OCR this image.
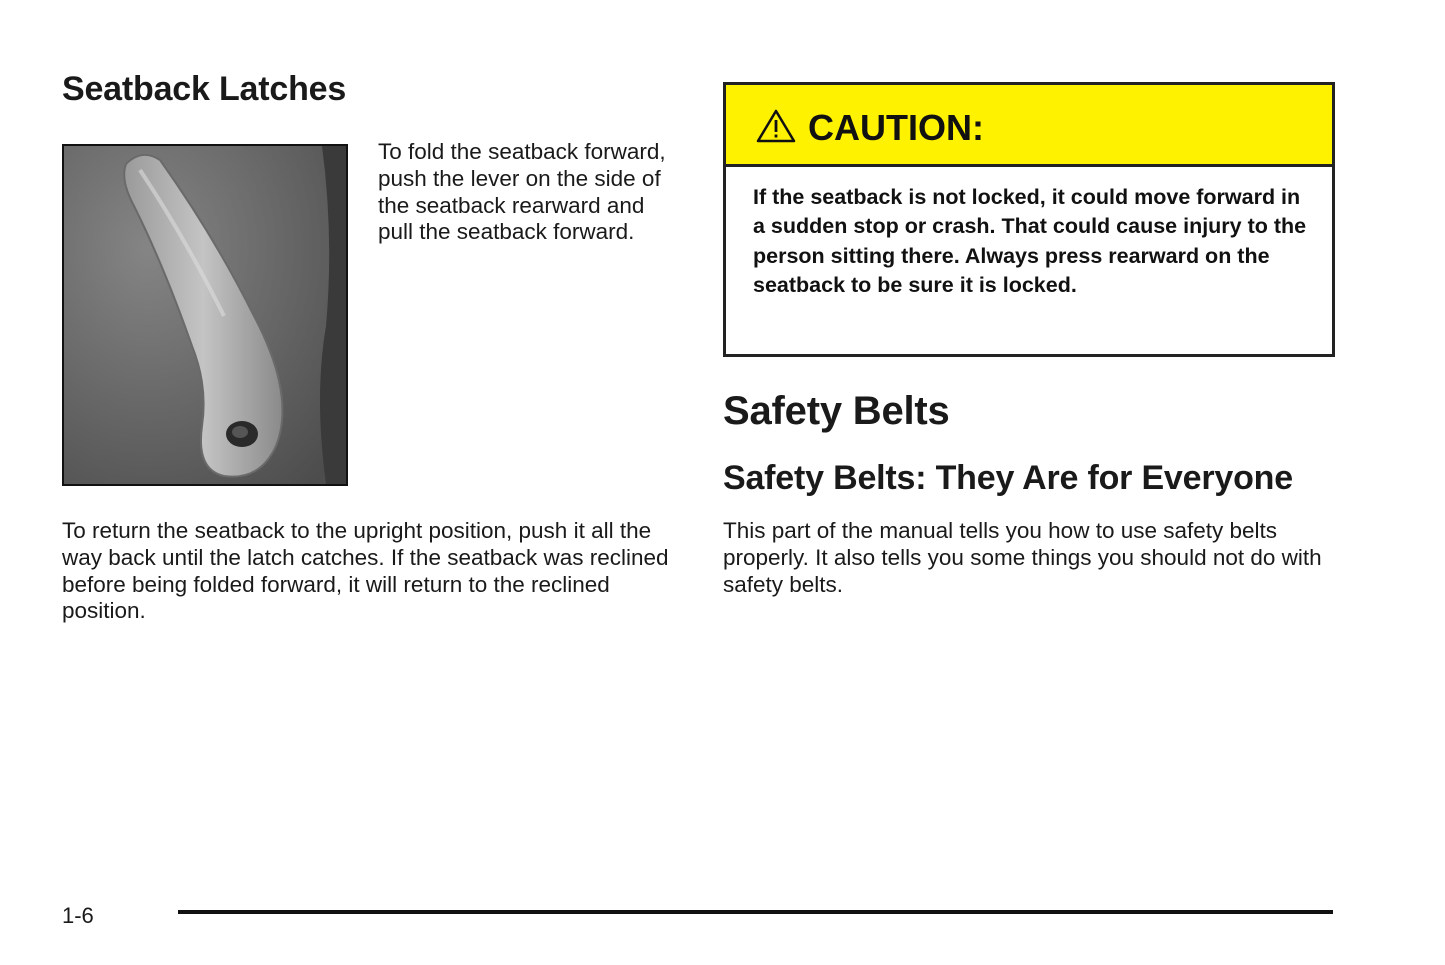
Seatback Latches

To fold the seatback forward, push the lever on the side of the seatback rearward and pull the seatback forward.

To return the seatback to the upright position, push it all the way back until the latch catches. If the seatback was reclined before being folded forward, it will return to the reclined position.

CAUTION:

If the seatback is not locked, it could move forward in a sudden stop or crash. That could cause injury to the person sitting there. Always press rearward on the seatback to be sure it is locked.

Safety Belts
Safety Belts: They Are for Everyone

This part of the manual tells you how to use safety belts properly. It also tells you some things you should not do with safety belts.

1-6
